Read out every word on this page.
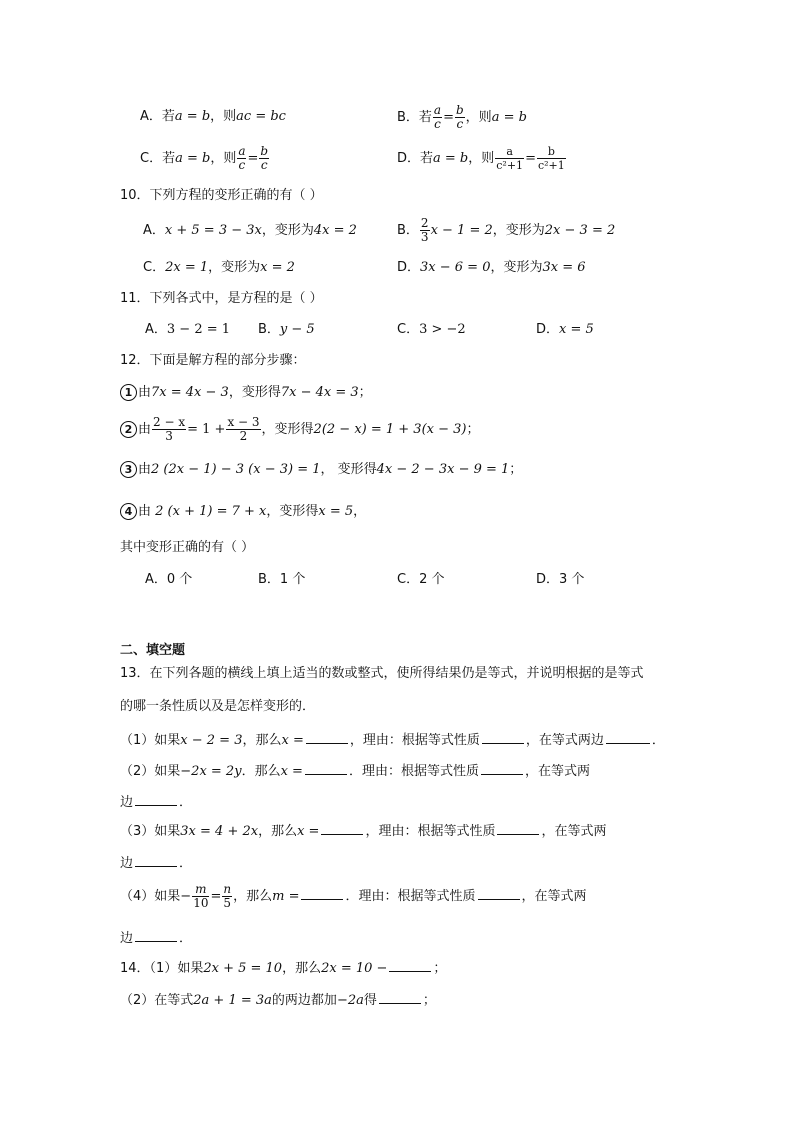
A．若a = b，则ac = bc	B．若 $\frac{a}{c} = \frac{b}{c}$ ，则a = b
C．若a = b，则 $\frac{a}{c} = \frac{b}{c}$	D．若a = b，则 $\frac{a}{\text{c²+1}} = \frac{b}{\text{c²+1}}$
10．下列方程的变形正确的有（ ）
A．x + 5 = 3 − 3x，变形为4x = 2	B． $\frac{2}{3}$ x − 1 = 2，变形为2x − 3 = 2
C．2x = 1，变形为x = 2	D．3x − 6 = 0，变形为3x = 6
11．下列各式中，是方程的是（ ）
A．3 − 2 = 1 B．y − 5	C．3 > −2	D．x = 5
12．下面是解方程的部分步骤：
1 由7x = 4x − 3，变形得7x − 4x = 3；
2 由 $\frac{2 - x}{3} = 1 + \frac{x - 3}{2}$ ，变形得2(2 − x) = 1 + 3(x − 3)；
3 由2 (2x − 1) − 3 (x − 3) = 1， 变形得4x − 2 − 3x − 9 = 1；
4 由 2 (x + 1) = 7 + x，变形得x = 5，
其中变形正确的有（ ）
A．0 个	B．1 个	C．2 个	D．3 个
二、填空题
13．在下列各题的横线上填上适当的数或整式，使所得结果仍是等式，并说明根据的是等式
的哪一条性质以及是怎样变形的．
（1）如果x − 2 = 3，那么x =	，理由：根据等式性质	，在等式两边	．
（2）如果−2x = 2y．那么x =	．理由：根据等式性质	，在等式两
边	．
（3）如果3x = 4 + 2x，那么x =	，理由：根据等式性质	，在等式两
边	．
（4）如果− $\frac{m}{10} = \frac{n}{5}$ ，那么m =	．理由：根据等式性质	，在等式两
边	．
14．（1）如果2x + 5 = 10，那么2x = 10 −	；
（2）在等式2a + 1 = 3a的两边都加−2a得	；
